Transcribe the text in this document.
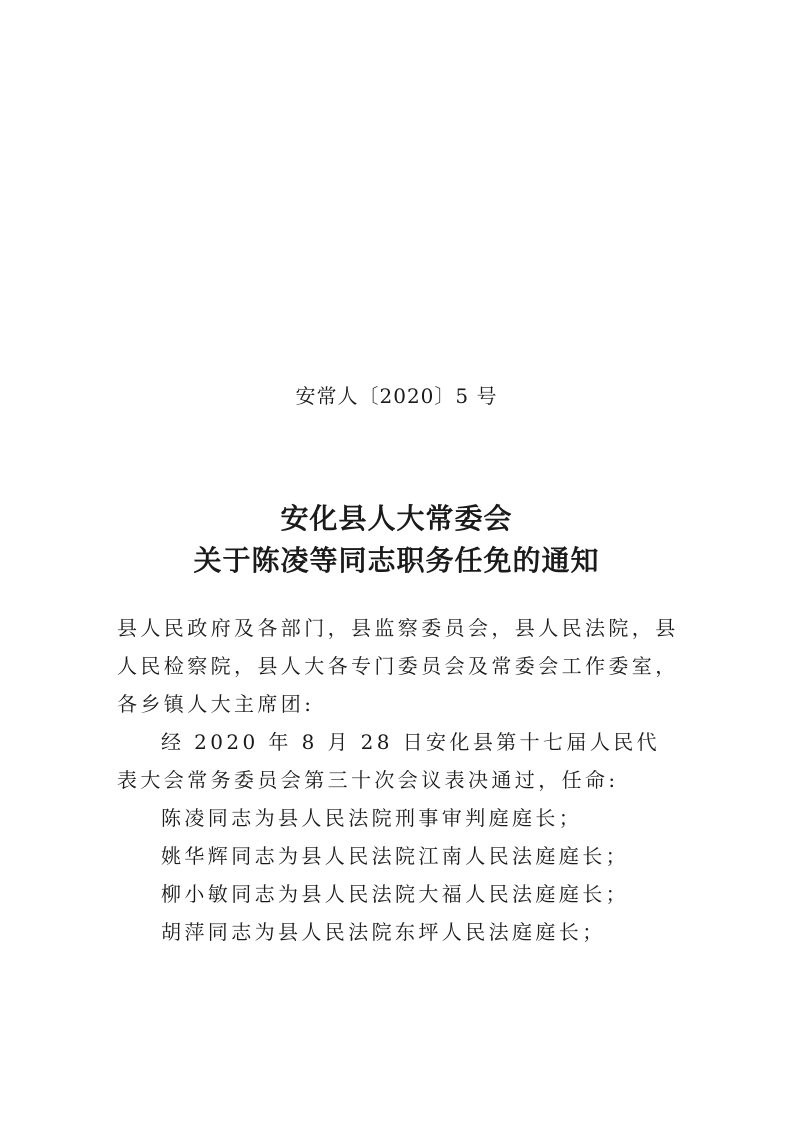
安常人〔2020〕5 号
安化县人大常委会
关于陈凌等同志职务任免的通知

县人民政府及各部门，县监察委员会，县人民法院，县人民检察院，县人大各专门委员会及常委会工作委室，各乡镇人大主席团:

经 2020 年 8 月 28 日安化县第十七届人民代表大会常务委员会第三十次会议表决通过，任命:

陈凌同志为县人民法院刑事审判庭庭长；

姚华辉同志为县人民法院江南人民法庭庭长；

柳小敏同志为县人民法院大福人民法庭庭长；

胡萍同志为县人民法院东坪人民法庭庭长；
